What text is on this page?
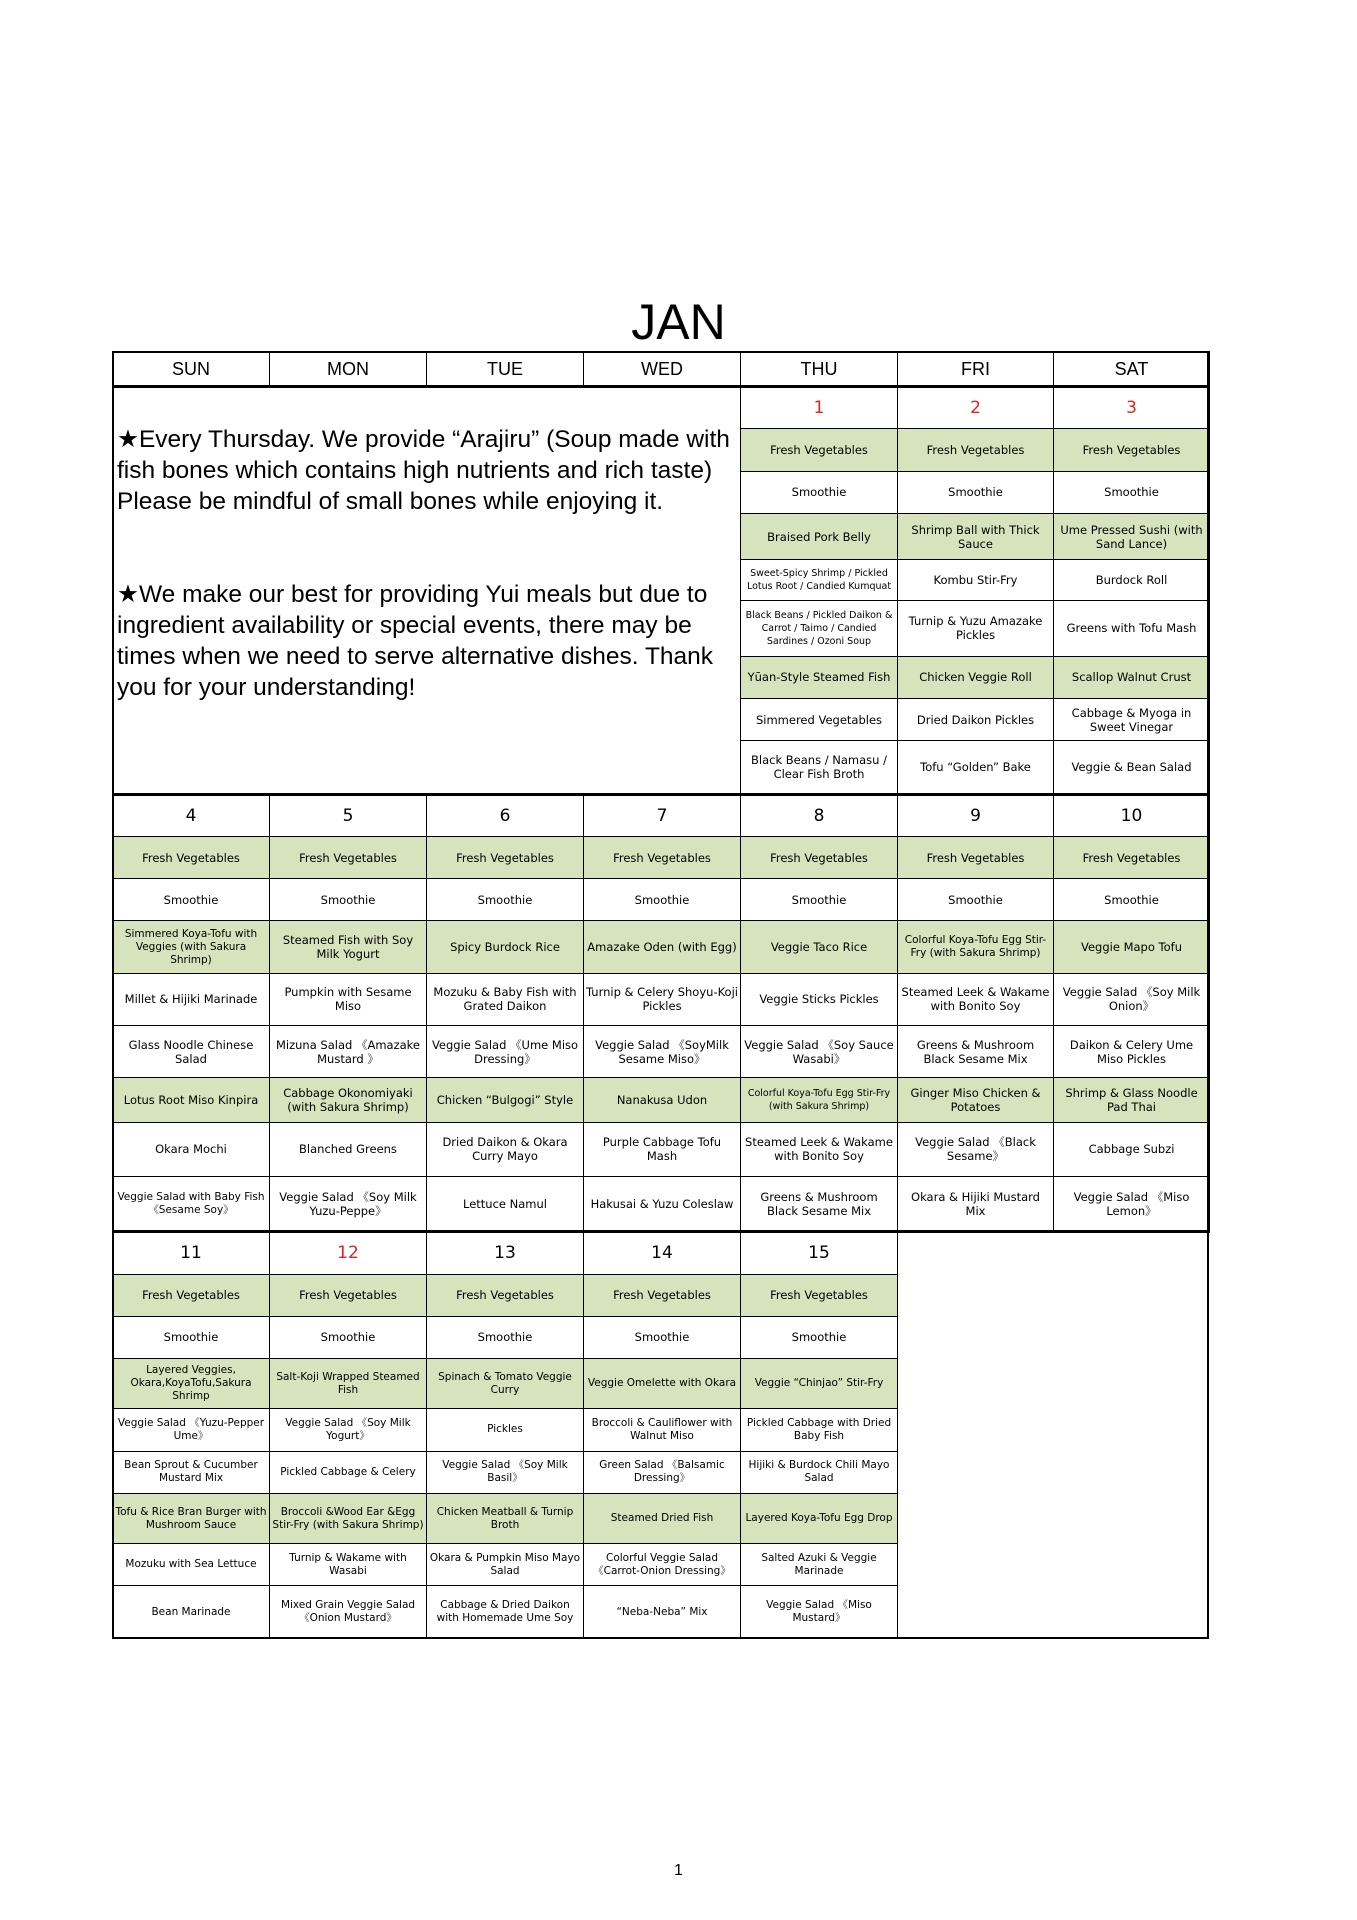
JAN
SUN	MON	TUE	WED	THU	FRI	SAT

★Every Thursday. We provide “Arajiru” (Soup made with fish bones which contains high nutrients and rich taste) Please be mindful of small bones while enjoying it.

★We make our best for providing Yui meals but due to ingredient availability or special events, there may be times when we need to serve alternative dishes. Thank you for your understanding!				1	2	3
				Fresh Vegetables	Fresh Vegetables	Fresh Vegetables
				Smoothie	Smoothie	Smoothie
				Braised Pork Belly	Shrimp Ball with Thick Sauce	Ume Pressed Sushi (with Sand Lance)
				Sweet-Spicy Shrimp / Pickled Lotus Root / Candied Kumquat	Kombu Stir-Fry	Burdock Roll
				Black Beans / Pickled Daikon & Carrot / Taimo / Candied Sardines / Ozoni Soup	Turnip & Yuzu Amazake Pickles	Greens with Tofu Mash
				Yūan-Style Steamed Fish	Chicken Veggie Roll	Scallop Walnut Crust
				Simmered Vegetables	Dried Daikon Pickles	Cabbage & Myoga in Sweet Vinegar
				Black Beans / Namasu / Clear Fish Broth	Tofu “Golden” Bake	Veggie & Bean Salad
4	5	6	7	8	9	10
Fresh Vegetables	Fresh Vegetables	Fresh Vegetables	Fresh Vegetables	Fresh Vegetables	Fresh Vegetables	Fresh Vegetables
Smoothie	Smoothie	Smoothie	Smoothie	Smoothie	Smoothie	Smoothie
Simmered Koya-Tofu with Veggies (with Sakura Shrimp)	Steamed Fish with Soy Milk Yogurt	Spicy Burdock Rice	Amazake Oden (with Egg)	Veggie Taco Rice	Colorful Koya-Tofu Egg Stir-Fry (with Sakura Shrimp)	Veggie Mapo Tofu
Millet & Hijiki Marinade	Pumpkin with Sesame Miso	Mozuku & Baby Fish with Grated Daikon	Turnip & Celery Shoyu-Koji Pickles	Veggie Sticks Pickles	Steamed Leek & Wakame with Bonito Soy	Veggie Salad 《Soy Milk Onion》
Glass Noodle Chinese Salad	Mizuna Salad 《Amazake Mustard 》	Veggie Salad 《Ume Miso Dressing》	Veggie Salad 《SoyMilk Sesame Miso》	Veggie Salad 《Soy Sauce Wasabi》	Greens & Mushroom Black Sesame Mix	Daikon & Celery Ume Miso Pickles
Lotus Root Miso Kinpira	Cabbage Okonomiyaki (with Sakura Shrimp)	Chicken “Bulgogi” Style	Nanakusa Udon	Colorful Koya-Tofu Egg Stir-Fry (with Sakura Shrimp)	Ginger Miso Chicken & Potatoes	Shrimp & Glass Noodle Pad Thai
Okara Mochi	Blanched Greens	Dried Daikon & Okara Curry Mayo	Purple Cabbage Tofu Mash	Steamed Leek & Wakame with Bonito Soy	Veggie Salad 《Black Sesame》	Cabbage Subzi
Veggie Salad with Baby Fish 《Sesame Soy》	Veggie Salad 《Soy Milk Yuzu-Peppe》	Lettuce Namul	Hakusai & Yuzu Coleslaw	Greens & Mushroom Black Sesame Mix	Okara & Hijiki Mustard Mix	Veggie Salad 《Miso Lemon》
11	12	13	14	15		
Fresh Vegetables	Fresh Vegetables	Fresh Vegetables	Fresh Vegetables	Fresh Vegetables		
Smoothie	Smoothie	Smoothie	Smoothie	Smoothie		
Layered Veggies, Okara,KoyaTofu,Sakura Shrimp	Salt-Koji Wrapped Steamed Fish	Spinach & Tomato Veggie Curry	Veggie Omelette with Okara	Veggie “Chinjao” Stir-Fry		
Veggie Salad 《Yuzu-Pepper Ume》	Veggie Salad 《Soy Milk Yogurt》	Pickles	Broccoli & Cauliflower with Walnut Miso	Pickled Cabbage with Dried Baby Fish		
Bean Sprout & Cucumber Mustard Mix	Pickled Cabbage & Celery	Veggie Salad 《Soy Milk Basil》	Green Salad 《Balsamic Dressing》	Hijiki & Burdock Chili Mayo Salad		
Tofu & Rice Bran Burger with Mushroom Sauce	Broccoli &Wood Ear &Egg Stir-Fry (with Sakura Shrimp)	Chicken Meatball & Turnip Broth	Steamed Dried Fish	Layered Koya-Tofu Egg Drop		
Mozuku with Sea Lettuce	Turnip & Wakame with Wasabi	Okara & Pumpkin Miso Mayo Salad	Colorful Veggie Salad 《Carrot-Onion Dressing》	Salted Azuki & Veggie Marinade		
Bean Marinade	Mixed Grain Veggie Salad 《Onion Mustard》	Cabbage & Dried Daikon with Homemade Ume Soy	“Neba-Neba” Mix	Veggie Salad 《Miso Mustard》		
1
